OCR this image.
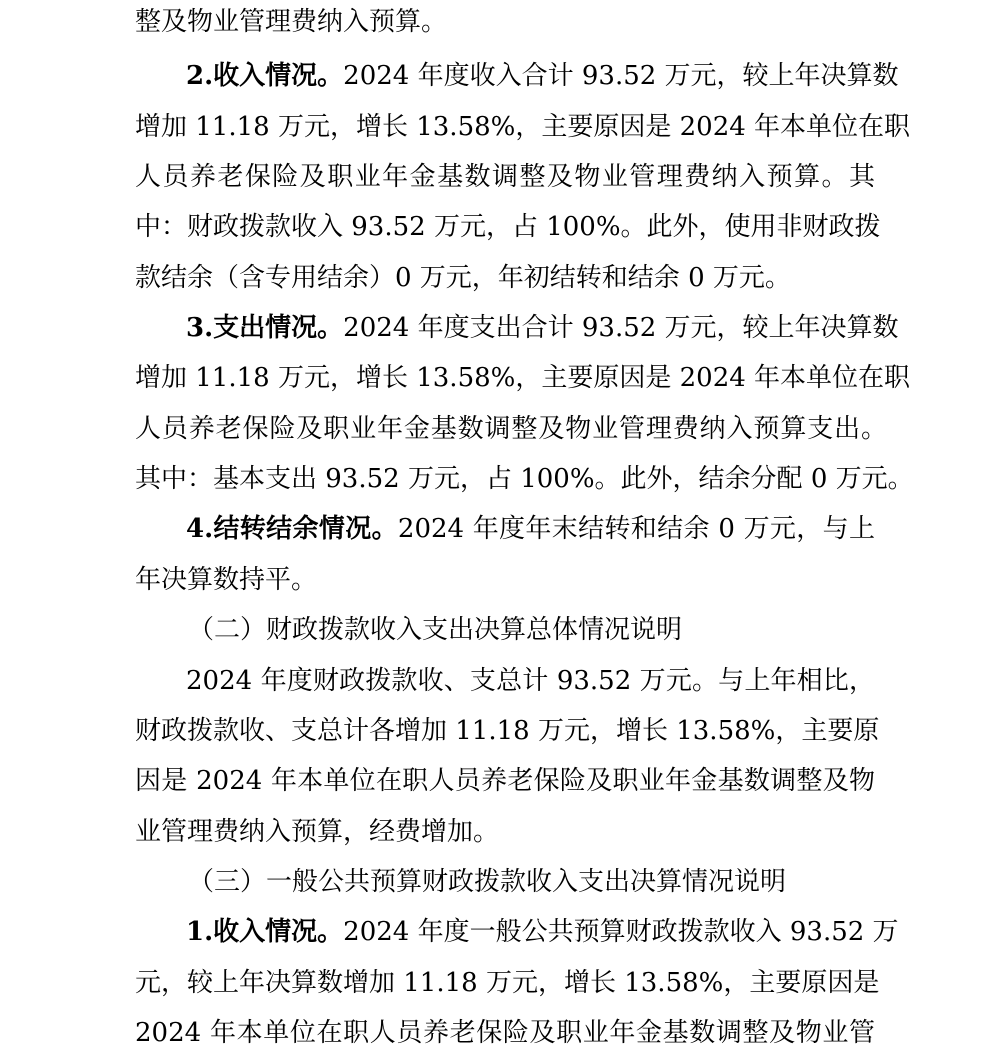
整及物业管理费纳入预算。

2.收入情况。2024 年度收入合计 93.52 万元，较上年决算数

增加 11.18 万元，增长 13.58%，主要原因是 2024 年本单位在职

人员养老保险及职业年金基数调整及物业管理费纳入预算。其

中：财政拨款收入 93.52 万元，占 100%。此外，使用非财政拨

款结余（含专用结余）0 万元，年初结转和结余 0 万元。

3.支出情况。2024 年度支出合计 93.52 万元，较上年决算数

增加 11.18 万元，增长 13.58%，主要原因是 2024 年本单位在职

人员养老保险及职业年金基数调整及物业管理费纳入预算支出。

其中：基本支出 93.52 万元，占 100%。此外，结余分配 0 万元。

4.结转结余情况。2024 年度年末结转和结余 0 万元，与上

年决算数持平。

（二）财政拨款收入支出决算总体情况说明

2024 年度财政拨款收、支总计 93.52 万元。与上年相比，

财政拨款收、支总计各增加 11.18 万元，增长 13.58%，主要原

因是 2024 年本单位在职人员养老保险及职业年金基数调整及物

业管理费纳入预算，经费增加。

（三）一般公共预算财政拨款收入支出决算情况说明

1.收入情况。2024 年度一般公共预算财政拨款收入 93.52 万

元，较上年决算数增加 11.18 万元，增长 13.58%，主要原因是

2024 年本单位在职人员养老保险及职业年金基数调整及物业管
